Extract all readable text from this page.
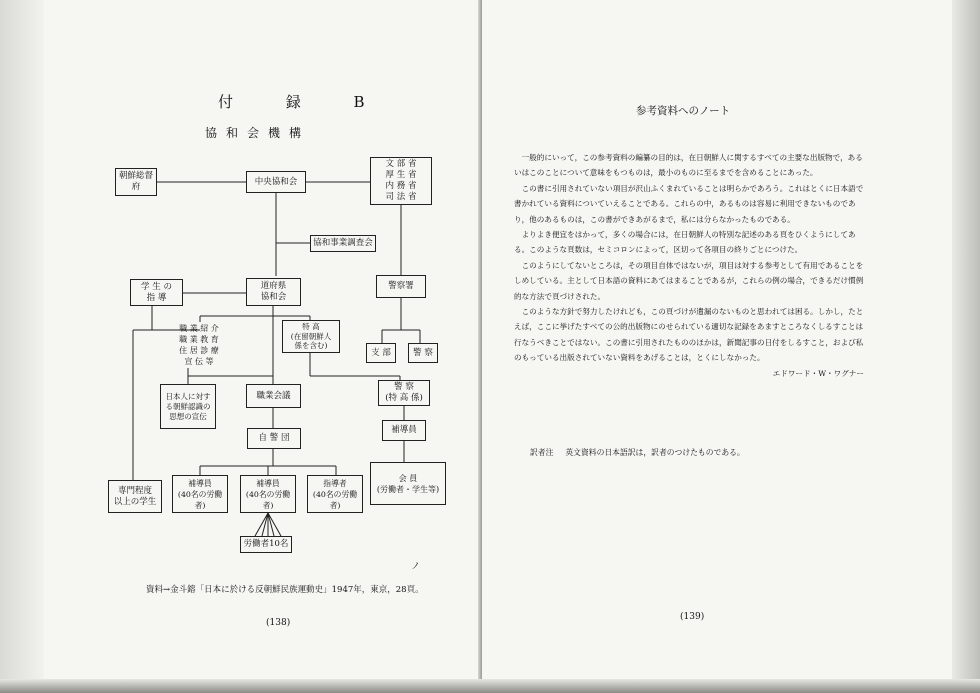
付 録 B
協和会機構
朝鮮総督府
中央協和会
文 部 省
厚 生 省
内 務 省
司 法 省
協和事業調査会
学 生 の
指 導
道府県
協和会
警察署
職 業 紹 介
職 業 教 育
住 居 診 療
宣 伝 等
特 高
(在留朝鮮人
係を含む)
支 部	警 察
日本人に対する朝鮮認識の思想の宣伝
職業会議
警 察
(特 高 係)
自 警 団
補導員
専門程度
以上の学生
補導員
(40名の労働者)
補導員
(40名の労働者)
指導者
(40名の労働者)
会 員
(労働者・学生等)
労働者10名
ノ
資料→金斗鎔「日本に於ける反朝鮮民族運動史」1947年，東京，28頁。
(138)
参考資料へのノート

一般的にいって，この参考資料の編纂の目的は，在日朝鮮人に関するすべての主要な出版物で，あるいはこのことについて意味をもつものは，最小のものに至るまでを含めることにあった。

この書に引用されていない項目が沢山ふくまれていることは明らかであろう。これはとくに日本語で書かれている資料についていえることである。これらの中，あるものは容易に利用できないものであり，他のあるものは，この書ができあがるまで，私には分らなかったものである。

よりよき便宜をはかって，多くの場合には，在日朝鮮人の特別な記述のある頁をひくようにしてある。このような頁数は，セミコロンによって，区切って各項目の終りごとにつけた。

このようにしてないところは，その項目自体ではないが，項目は対する参考として有用であることをしめしている。主として日本語の資料にあてはまることであるが，これらの例の場合，できるだけ慣例的な方法で頁づけされた。

このような方針で努力したけれども，この頁づけが遺漏のないものと思われては困る。しかし，たとえば，ここに挙げたすべての公的出版物にのせられている適切な記録をあますところなくしるすことは行なうべきことではない。この書に引用されたもののほかは，新聞記事の日付をしるすこと，および私のもっている出版されていない資料をあげることは，とくにしなかった。

エドワード・W・ワグナー
訳者注 英文資料の日本語訳は，訳者のつけたものである。
(139)
